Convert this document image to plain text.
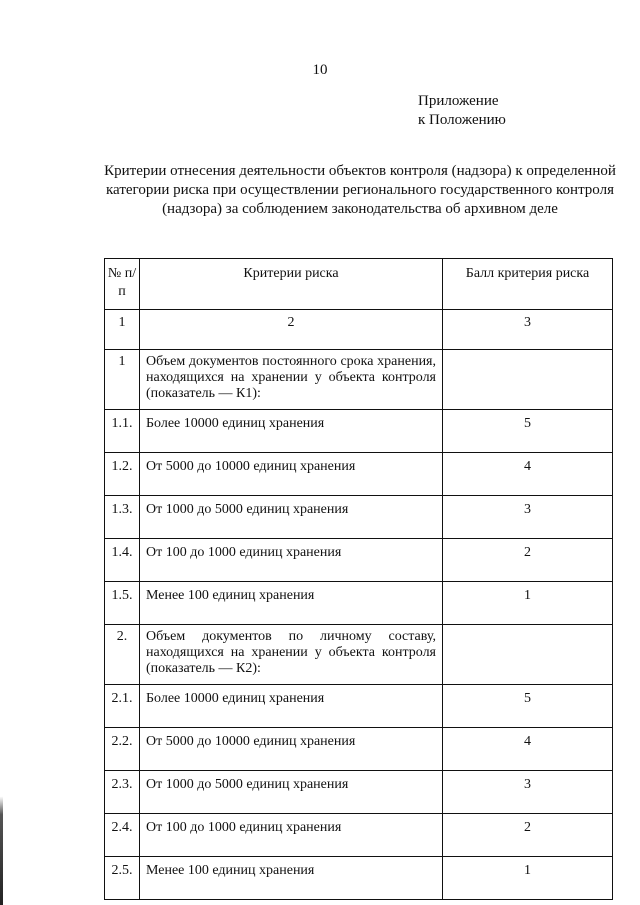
10
Приложение
к Положению
Критерии отнесения деятельности объектов контроля (надзора) к определенной категории риска при осуществлении регионального государственного контроля (надзора) за соблюдением законодательства об архивном деле
№ п/п	Критерии риска	Балл критерия риска
1	2	3
1	Объем документов постоянного срока хранения, находящихся на хранении у объекта контроля (показатель — К1):	
1.1.	Более 10000 единиц хранения	5
1.2.	От 5000 до 10000 единиц хранения	4
1.3.	От 1000 до 5000 единиц хранения	3
1.4.	От 100 до 1000 единиц хранения	2
1.5.	Менее 100 единиц хранения	1
2.	Объем документов по личному составу, находящихся на хранении у объекта контроля (показатель — К2):	
2.1.	Более 10000 единиц хранения	5
2.2.	От 5000 до 10000 единиц хранения	4
2.3.	От 1000 до 5000 единиц хранения	3
2.4.	От 100 до 1000 единиц хранения	2
2.5.	Менее 100 единиц хранения	1
